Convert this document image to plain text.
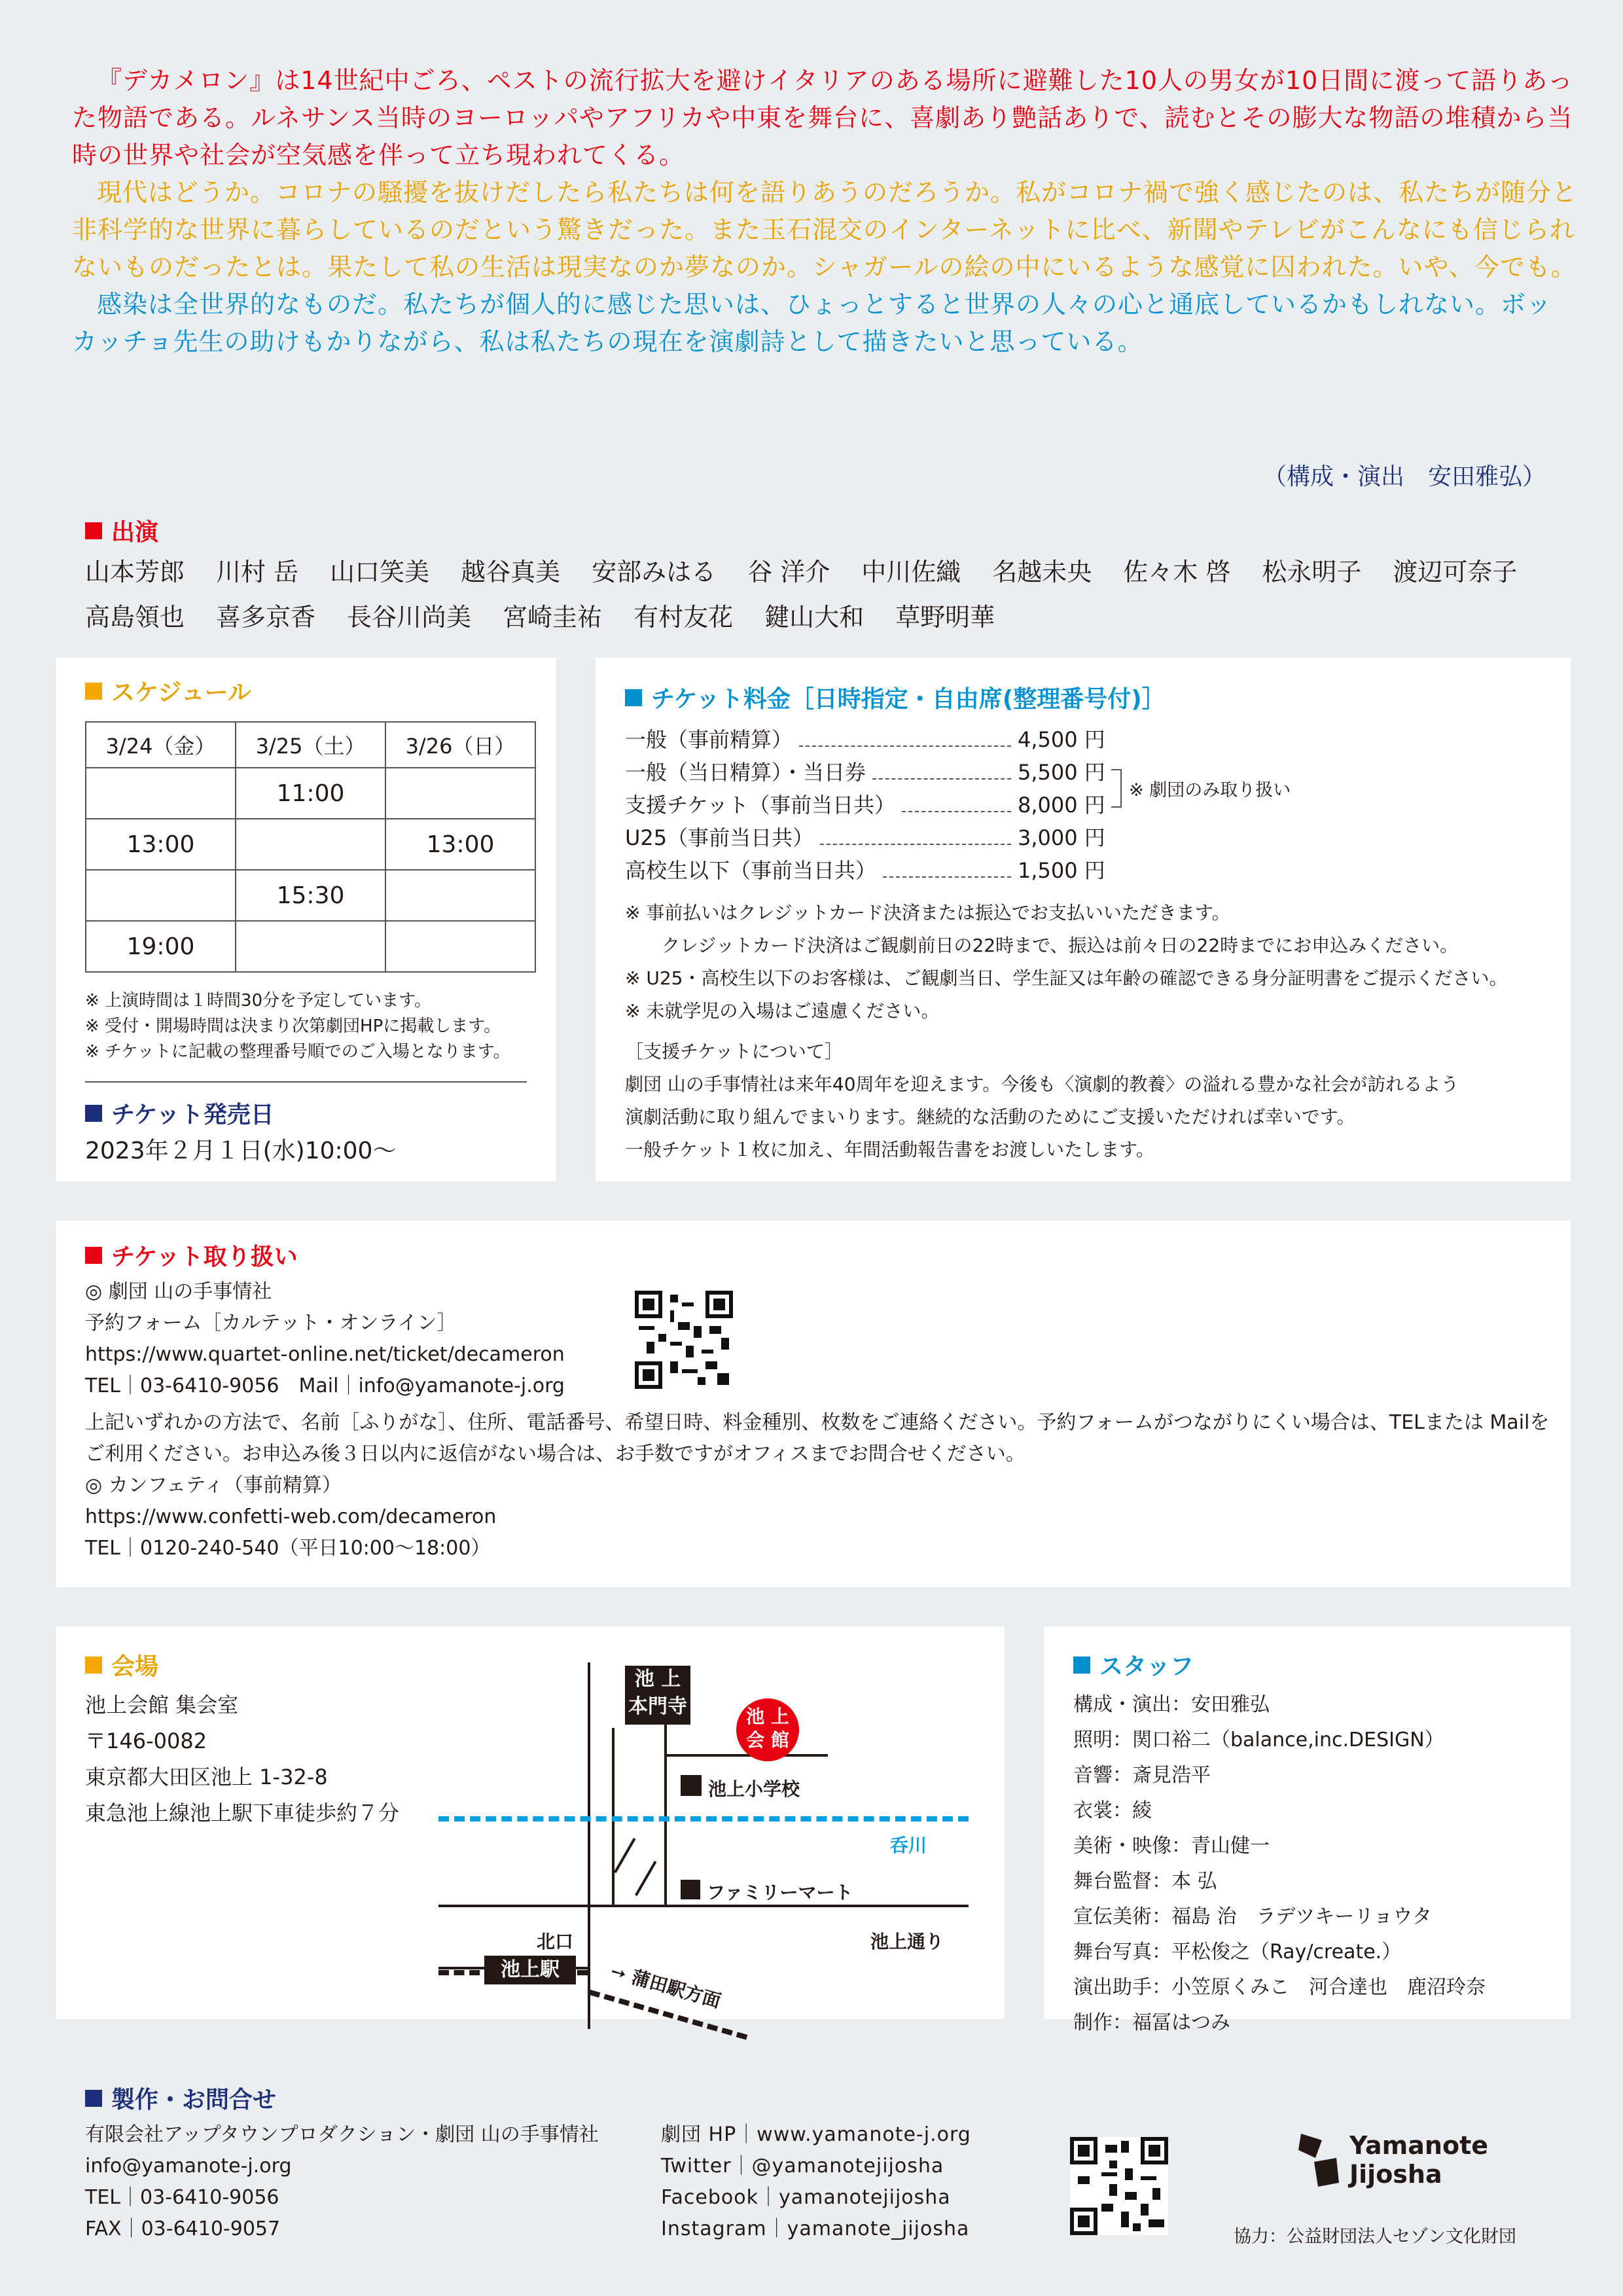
『デカメロン』は14世紀中ごろ、ペストの流行拡大を避けイタリアのある場所に避難した10人の男女が10日間に渡って語りあった物語である。ルネサンス当時のヨーロッパやアフリカや中東を舞台に、喜劇あり艶話ありで、読むとその膨大な物語の堆積から当時の世界や社会が空気感を伴って立ち現われてくる。

現代はどうか。コロナの騒擾を抜けだしたら私たちは何を語りあうのだろうか。私がコロナ禍で強く感じたのは、私たちが随分と非科学的な世界に暮らしているのだという驚きだった。また玉石混交のインターネットに比べ、新聞やテレビがこんなにも信じられないものだったとは。果たして私の生活は現実なのか夢なのか。シャガールの絵の中にいるような感覚に囚われた。いや、今でも。

感染は全世界的なものだ。私たちが個人的に感じた思いは、ひょっとすると世界の人々の心と通底しているかもしれない。ボッカッチョ先生の助けもかりながら、私は私たちの現在を演劇詩として描きたいと思っている。

（構成・演出　安田雅弘）
出演
山本芳郎 川村 岳 山口笑美 越谷真美 安部みはる 谷 洋介 中川佐織 名越未央 佐々木 啓 松永明子 渡辺可奈子
高島領也 喜多京香 長谷川尚美 宮崎圭祐 有村友花 鍵山大和 草野明華
スケジュール
3/24（金）	3/25（土）	3/26（日）
	11:00	
13:00		13:00
	15:30	
19:00		
※ 上演時間は１時間30分を予定しています。
※ 受付・開場時間は決まり次第劇団HPに掲載します。
※ チケットに記載の整理番号順でのご入場となります。
チケット発売日
2023年２月１日(水)10:00～
チケット料金［日時指定・自由席(整理番号付)］
一般（事前精算）	4,500 円
一般（当日精算）・当日券	5,500 円
支援チケット（事前当日共）	8,000 円
U25（事前当日共）	3,000 円
高校生以下（事前当日共）	1,500 円
※ 劇団のみ取り扱い
※ 事前払いはクレジットカード決済または振込でお支払いいただきます。
　　クレジットカード決済はご観劇前日の22時まで、振込は前々日の22時までにお申込みください。
※ U25・高校生以下のお客様は、ご観劇当日、学生証又は年齢の確認できる身分証明書をご提示ください。
※ 未就学児の入場はご遠慮ください。
［支援チケットについて］
劇団 山の手事情社は来年40周年を迎えます。今後も〈演劇的教養〉の溢れる豊かな社会が訪れるよう
演劇活動に取り組んでまいります。継続的な活動のためにご支援いただければ幸いです。
一般チケット１枚に加え、年間活動報告書をお渡しいたします。
チケット取り扱い
◎ 劇団 山の手事情社
予約フォーム［カルテット・オンライン］
https://www.quartet-online.net/ticket/decameron
TEL｜03-6410-9056　Mail｜info@yamanote-j.org
上記いずれかの方法で、名前［ふりがな］、住所、電話番号、希望日時、料金種別、枚数をご連絡ください。予約フォームがつながりにくい場合は、TELまたは Mailを
ご利用ください。お申込み後３日以内に返信がない場合は、お手数ですがオフィスまでお問合せください。
◎ カンフェティ（事前精算）
https://www.confetti-web.com/decameron
TEL｜0120-240-540（平日10:00～18:00）
会場
池上会館 集会室
〒146-0082
東京都大田区池上 1-32-8
東急池上線池上駅下車徒歩約７分
池 上
本門寺	池 上
会 館
池上小学校
呑川
ファミリーマート
北口	池上通り
池上駅	➙ 蒲田駅方面
スタッフ
構成・演出：安田雅弘
照明：関口裕二（balance,inc.DESIGN）
音響：斎見浩平
衣裳：綾
美術・映像：青山健一
舞台監督：本 弘
宣伝美術：福島 治　ラデツキーリョウタ
舞台写真：平松俊之（Ray/create.）
演出助手：小笠原くみこ　河合達也　鹿沼玲奈
制作：福冨はつみ
製作・お問合せ
有限会社アップタウンプロダクション・劇団 山の手事情社
info@yamanote-j.org
TEL｜03-6410-9056
FAX｜03-6410-9057
劇団 HP｜www.yamanote-j.org
Twitter｜@yamanotejijosha
Facebook｜yamanotejijosha
Instagram｜yamanote_jijosha
Yamanote
Jijosha
協力：公益財団法人セゾン文化財団
